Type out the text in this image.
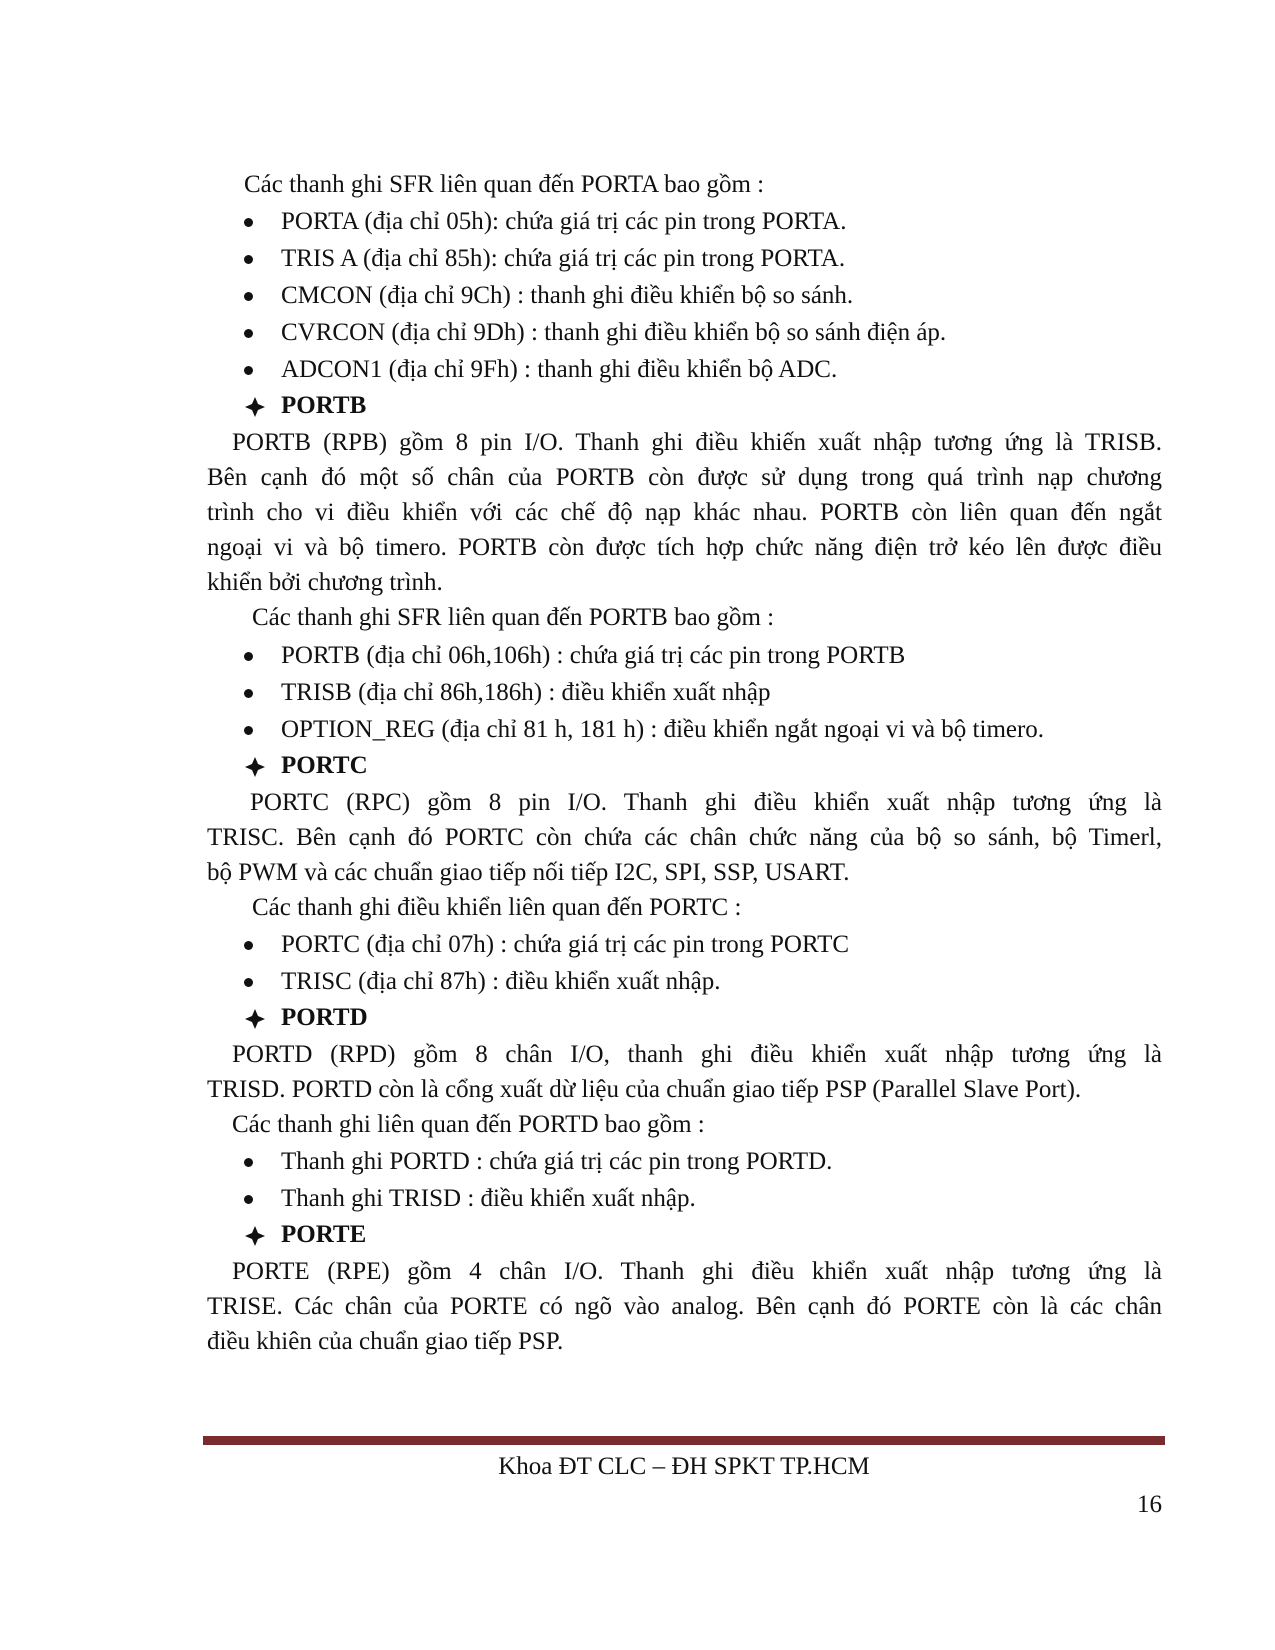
Các thanh ghi SFR liên quan đến PORTA bao gồm :
PORTA (địa chỉ 05h): chứa giá trị các pin trong PORTA.
TRIS A (địa chỉ 85h): chứa giá trị các pin trong PORTA.
CMCON (địa chỉ 9Ch) : thanh ghi điều khiển bộ so sánh.
CVRCON (địa chỉ 9Dh) : thanh ghi điều khiển bộ so sánh điện áp.
ADCON1 (địa chỉ 9Fh) : thanh ghi điều khiển bộ ADC.
PORTB
PORTB (RPB) gồm 8 pin I/O. Thanh ghi điều khiến xuất nhập tương ứng là TRISB.
Bên cạnh đó một số chân của PORTB còn được sử dụng trong quá trình nạp chương
trình cho vi điều khiển với các chế độ nạp khác nhau. PORTB còn liên quan đến ngắt
ngoại vi và bộ timero. PORTB còn được tích hợp chức năng điện trở kéo lên được điều
khiển bởi chương trình.
Các thanh ghi SFR liên quan đến PORTB bao gồm :
PORTB (địa chỉ 06h,106h) : chứa giá trị các pin trong PORTB
TRISB (địa chỉ 86h,186h) : điều khiển xuất nhập
OPTION_REG (địa chỉ 81 h, 181 h) : điều khiển ngắt ngoại vi và bộ timero.
PORTC
PORTC (RPC) gồm 8 pin I/O. Thanh ghi điều khiển xuất nhập tương ứng là
TRISC. Bên cạnh đó PORTC còn chứa các chân chức năng của bộ so sánh, bộ Timerl,
bộ PWM và các chuẩn giao tiếp nối tiếp I2C, SPI, SSP, USART.
Các thanh ghi điều khiển liên quan đến PORTC :
PORTC (địa chỉ 07h) : chứa giá trị các pin trong PORTC
TRISC (địa chỉ 87h) : điều khiển xuất nhập.
PORTD
PORTD (RPD) gồm 8 chân I/O, thanh ghi điều khiển xuất nhập tương ứng là
TRISD. PORTD còn là cổng xuất dừ liệu của chuẩn giao tiếp PSP (Parallel Slave Port).
Các thanh ghi liên quan đến PORTD bao gồm :
Thanh ghi PORTD : chứa giá trị các pin trong PORTD.
Thanh ghi TRISD : điều khiển xuất nhập.
PORTE
PORTE (RPE) gồm 4 chân I/O. Thanh ghi điều khiển xuất nhập tương ứng là
TRISE. Các chân của PORTE có ngõ vào analog. Bên cạnh đó PORTE còn là các chân
điều khiên của chuẩn giao tiếp PSP.
Khoa ĐT CLC – ĐH SPKT TP.HCM
16
